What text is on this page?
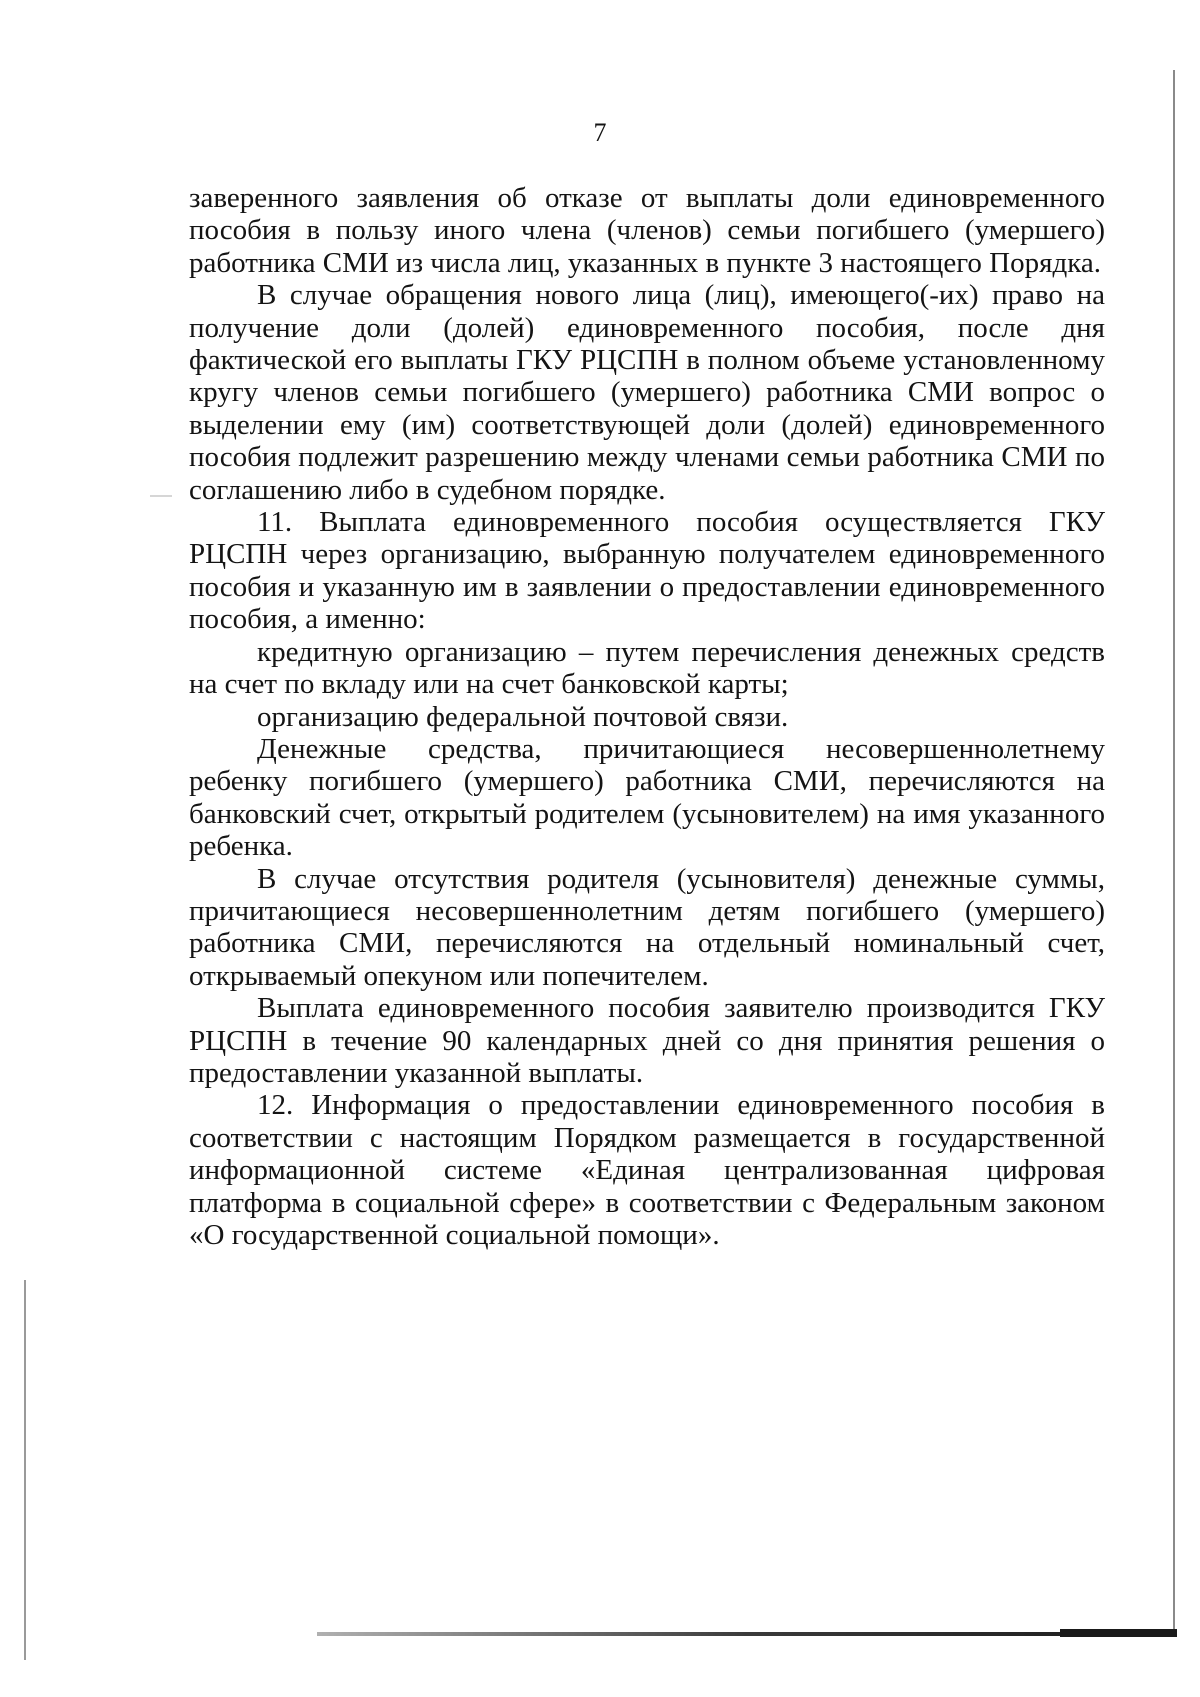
7

заверенного заявления об отказе от выплаты доли единовременного пособия в пользу иного члена (членов) семьи погибшего (умершего) работника СМИ из числа лиц, указанных в пункте 3 настоящего Порядка.

В случае обращения нового лица (лиц), имеющего(-их) право на получение доли (долей) единовременного пособия, после дня фактической его выплаты ГКУ РЦСПН в полном объеме установленному кругу членов семьи погибшего (умершего) работника СМИ вопрос о выделении ему (им) соответствующей доли (долей) единовременного пособия подлежит разрешению между членами семьи работника СМИ по соглашению либо в судебном порядке.

11. Выплата единовременного пособия осуществляется ГКУ РЦСПН через организацию, выбранную получателем единовременного пособия и указанную им в заявлении о предоставлении единовременного пособия, а именно:

кредитную организацию – путем перечисления денежных средств на счет по вкладу или на счет банковской карты;

организацию федеральной почтовой связи.

Денежные средства, причитающиеся несовершеннолетнему ребенку погибшего (умершего) работника СМИ, перечисляются на банковский счет, открытый родителем (усыновителем) на имя указанного ребенка.

В случае отсутствия родителя (усыновителя) денежные суммы, причитающиеся несовершеннолетним детям погибшего (умершего) работника СМИ, перечисляются на отдельный номинальный счет, открываемый опекуном или попечителем.

Выплата единовременного пособия заявителю производится ГКУ РЦСПН в течение 90 календарных дней со дня принятия решения о предоставлении указанной выплаты.

12. Информация о предоставлении единовременного пособия в соответствии с настоящим Порядком размещается в государственной информационной системе «Единая централизованная цифровая платформа в социальной сфере» в соответствии с Федеральным законом «О государственной социальной помощи».
